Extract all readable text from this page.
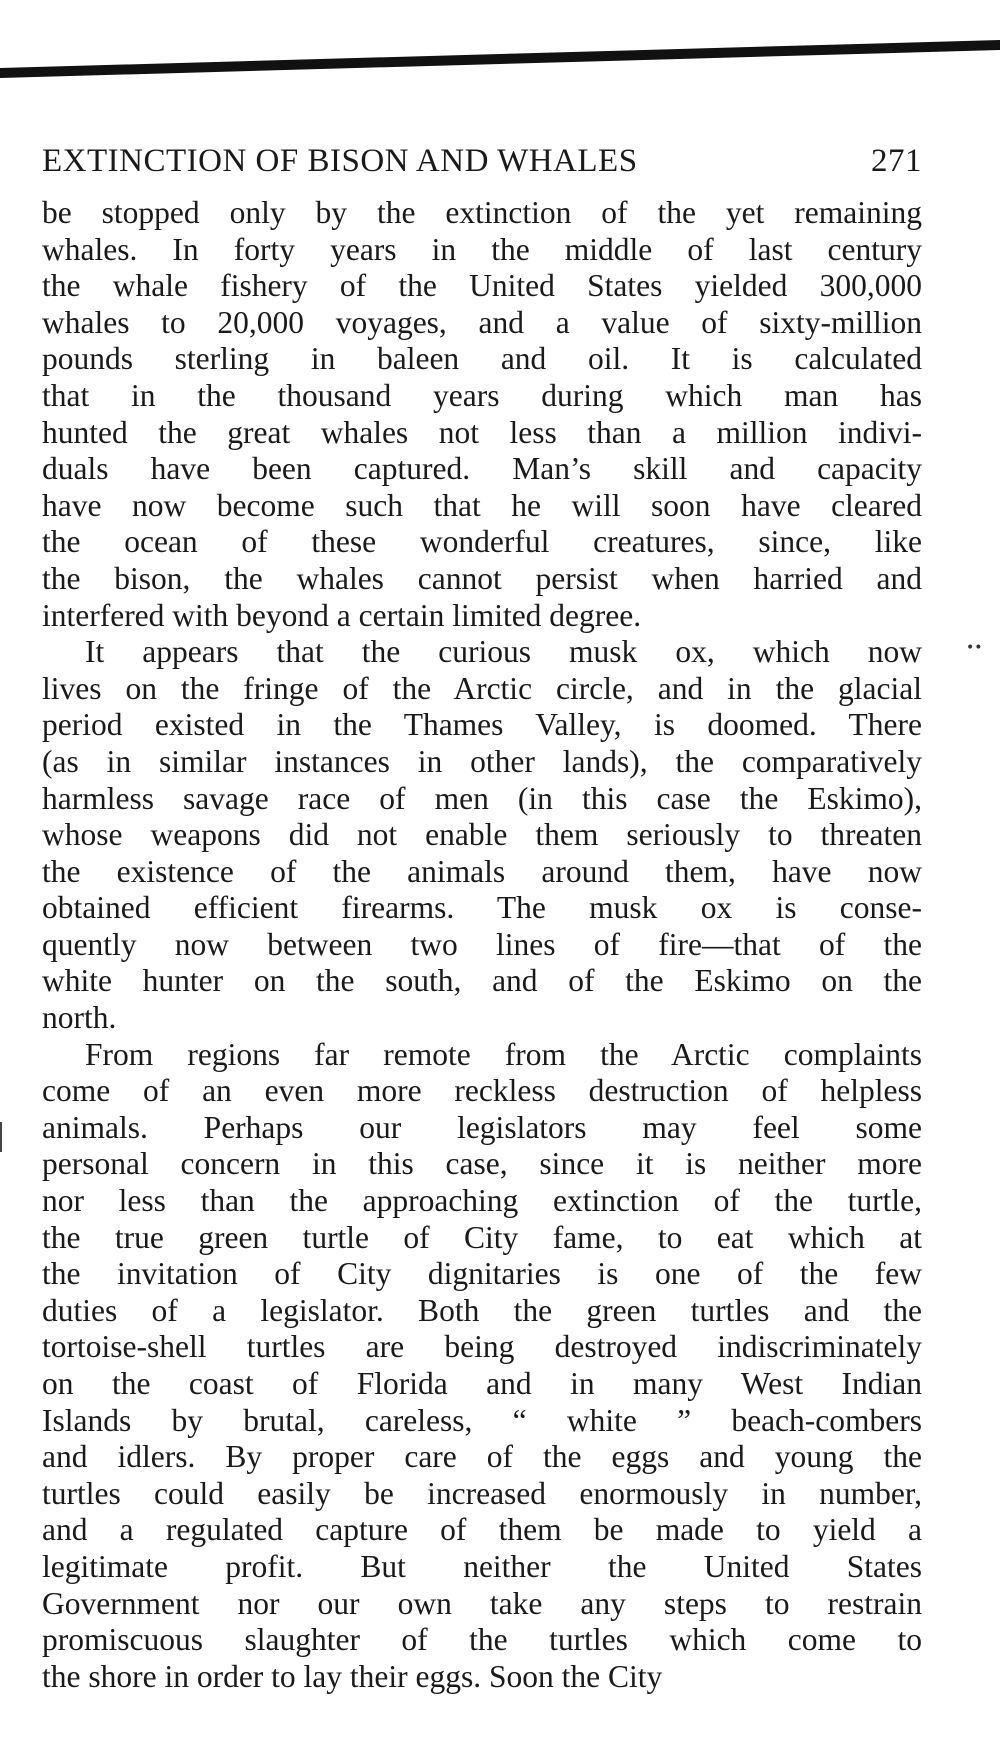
EXTINCTION OF BISON AND WHALES	271
be stopped only by the extinction of the yet remaining
whales. In forty years in the middle of last century
the whale fishery of the United States yielded 300,000
whales to 20,000 voyages, and a value of sixty-million
pounds sterling in baleen and oil. It is calculated
that in the thousand years during which man has
hunted the great whales not less than a million indivi-
duals have been captured. Man’s skill and capacity
have now become such that he will soon have cleared
the ocean of these wonderful creatures, since, like
the bison, the whales cannot persist when harried and
interfered with beyond a certain limited degree.
It appears that the curious musk ox, which now
lives on the fringe of the Arctic circle, and in the glacial
period existed in the Thames Valley, is doomed. There
(as in similar instances in other lands), the comparatively
harmless savage race of men (in this case the Eskimo),
whose weapons did not enable them seriously to threaten
the existence of the animals around them, have now
obtained efficient firearms. The musk ox is conse-
quently now between two lines of fire—that of the
white hunter on the south, and of the Eskimo on the
north.
From regions far remote from the Arctic complaints
come of an even more reckless destruction of helpless
animals. Perhaps our legislators may feel some
personal concern in this case, since it is neither more
nor less than the approaching extinction of the turtle,
the true green turtle of City fame, to eat which at
the invitation of City dignitaries is one of the few
duties of a legislator. Both the green turtles and the
tortoise-shell turtles are being destroyed indiscriminately
on the coast of Florida and in many West Indian
Islands by brutal, careless, “ white ” beach-combers
and idlers. By proper care of the eggs and young the
turtles could easily be increased enormously in number,
and a regulated capture of them be made to yield a
legitimate profit. But neither the United States
Government nor our own take any steps to restrain
promiscuous slaughter of the turtles which come to
the shore in order to lay their eggs. Soon the City
••
